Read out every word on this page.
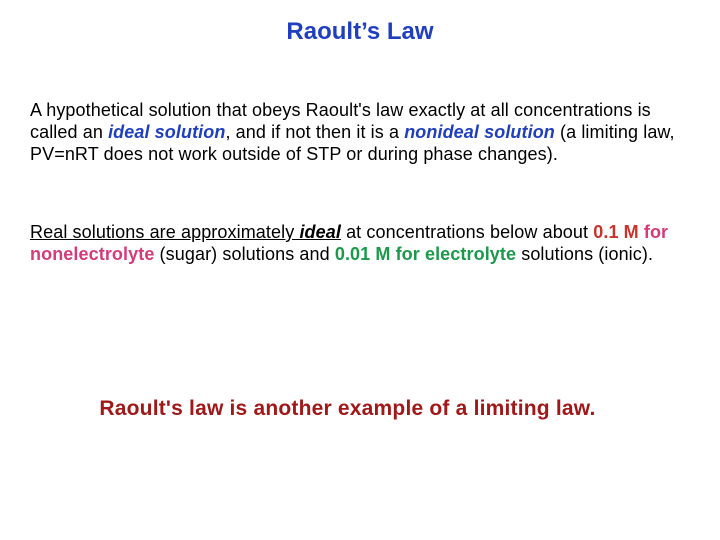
Raoult’s Law
A hypothetical solution that obeys Raoult's law exactly at all concentrations is called an ideal solution, and if not then it is a nonideal solution (a limiting law, PV=nRT does not work outside of STP or during phase changes).
Real solutions are approximately ideal at concentrations below about 0.1 M for nonelectrolyte (sugar) solutions and 0.01 M for electrolyte solutions (ionic).
Raoult's law is another example of a limiting law.
